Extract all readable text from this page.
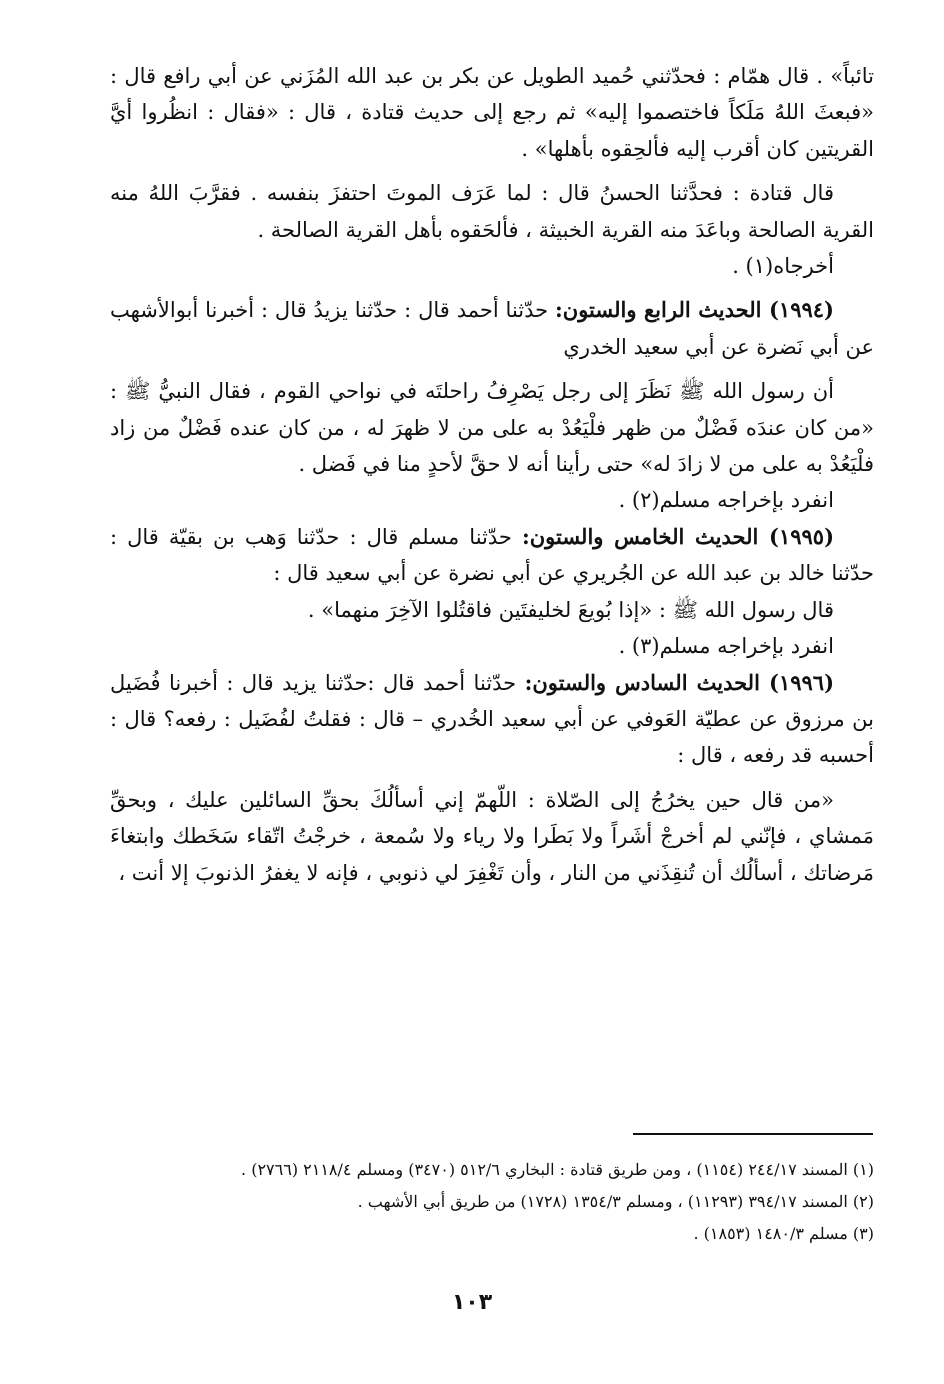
تائباً» . قال همّام : فحدّثني حُميد الطويل عن بكر بن عبد الله المُزَني عن أبي رافع قال : «فبعثَ اللهُ مَلَكاً فاختصموا إليه» ثم رجع إلى حديث قتادة ، قال : «فقال : انظُروا أيَّ القريتين كان أقرب إليه فألحِقوه بأهلها» .

قال قتادة : فحدَّثنا الحسنُ قال : لما عَرَف الموتَ احتفزَ بنفسه . فقرَّبَ اللهُ منه القرية الصالحة وباعَدَ منه القرية الخبيثة ، فألحَقوه بأهل القرية الصالحة .

أخرجاه(١) .

(١٩٩٤) الحديث الرابع والستون: حدّثنا أحمد قال : حدّثنا يزيدُ قال : أخبرنا أبوالأشهب عن أبي نَضرة عن أبي سعيد الخدري

أن رسول الله ﷺ نَظَرَ إلى رجل يَصْرِفُ راحلتَه في نواحي القوم ، فقال النبيُّ ﷺ : «من كان عندَه فَضْلٌ من ظهر فلْيَعُدْ به على من لا ظهرَ له ، من كان عنده فَضْلٌ من زاد فلْيَعُدْ به على من لا زادَ له» حتى رأينا أنه لا حقَّ لأحدٍ منا في فَضل .

انفرد بإخراجه مسلم(٢) .

(١٩٩٥) الحديث الخامس والستون: حدّثنا مسلم قال : حدّثنا وَهب بن بقيّة قال : حدّثنا خالد بن عبد الله عن الجُريري عن أبي نضرة عن أبي سعيد قال :

قال رسول الله ﷺ : «إذا بُويعَ لخليفتَين فاقتُلوا الآخِرَ منهما» .

انفرد بإخراجه مسلم(٣) .

(١٩٩٦) الحديث السادس والستون: حدّثنا أحمد قال :حدّثنا يزيد قال : أخبرنا فُضَيل بن مرزوق عن عطيّة العَوفي عن أبي سعيد الخُدري – قال : فقلتُ لفُضَيل : رفعه؟ قال : أحسبه قد رفعه ، قال :

«من قال حين يخرُجُ إلى الصّلاة : اللّهمّ إني أسألُكَ بحقِّ السائلين عليك ، وبحقِّ مَمشاي ، فإنّني لم أخرجْ أشَراً ولا بَطَرا ولا رياء ولا سُمعة ، خرجْتُ اتّقاء سَخَطك وابتغاءَ مَرضاتك ، أسألُك أن تُنقِذَني من النار ، وأن تَغْفِرَ لي ذنوبي ، فإنه لا يغفرُ الذنوبَ إلا أنت ،

(١) المسند ٢٤٤/١٧ (١١٥٤) ، ومن طريق قتادة : البخاري ٥١٢/٦ (٣٤٧٠) ومسلم ٢١١٨/٤ (٢٧٦٦) .

(٢) المسند ٣٩٤/١٧ (١١٢٩٣) ، ومسلم ١٣٥٤/٣ (١٧٢٨) من طريق أبي الأشهب .

(٣) مسلم ١٤٨٠/٣ (١٨٥٣) .

١٠٣
